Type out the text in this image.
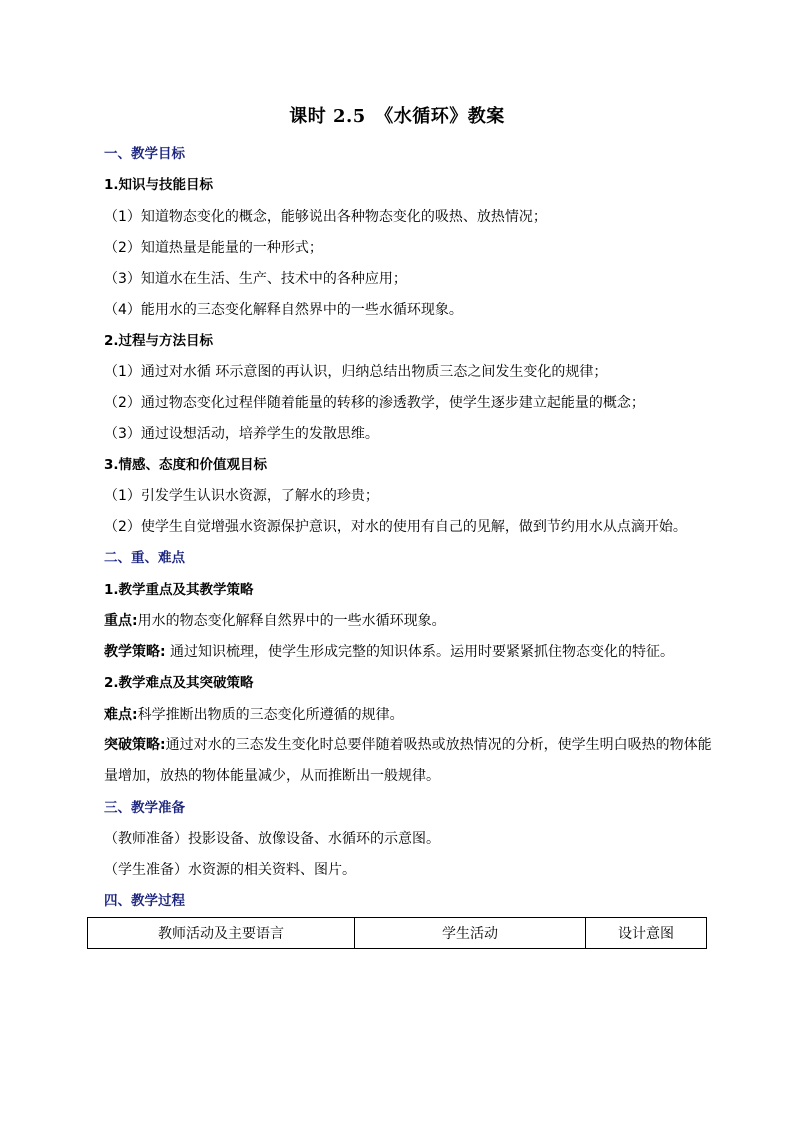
课时 2.5　《水循环》教案
一、教学目标
1.知识与技能目标
（1）知道物态变化的概念，能够说出各种物态变化的吸热、放热情况；
（2）知道热量是能量的一种形式；
（3）知道水在生活、生产、技术中的各种应用；
（4）能用水的三态变化解释自然界中的一些水循环现象。
2.过程与方法目标
（1）通过对水循 环示意图的再认识，归纳总结出物质三态之间发生变化的规律；
（2）通过物态变化过程伴随着能量的转移的渗透教学，使学生逐步建立起能量的概念；
（3）通过设想活动，培养学生的发散思维。
3.情感、态度和价值观目标
（1）引发学生认识水资源，了解水的珍贵；
（2）使学生自觉增强水资源保护意识，对水的使用有自己的见解，做到节约用水从点滴开始。
二、重、难点
1.教学重点及其教学策略
重点:用水的物态变化解释自然界中的一些水循环现象。
教学策略: 通过知识梳理，使学生形成完整的知识体系。运用时要紧紧抓住物态变化的特征。
2.教学难点及其突破策略
难点:科学推断出物质的三态变化所遵循的规律。
突破策略:通过对水的三态发生变化时总要伴随着吸热或放热情况的分析，使学生明白吸热的物体能量增加，放热的物体能量减少，从而推断出一般规律。
三、教学准备
（教师准备）投影设备、放像设备、水循环的示意图。
（学生准备）水资源的相关资料、图片。
四、教学过程
教师活动及主要语言	学生活动	设计意图
